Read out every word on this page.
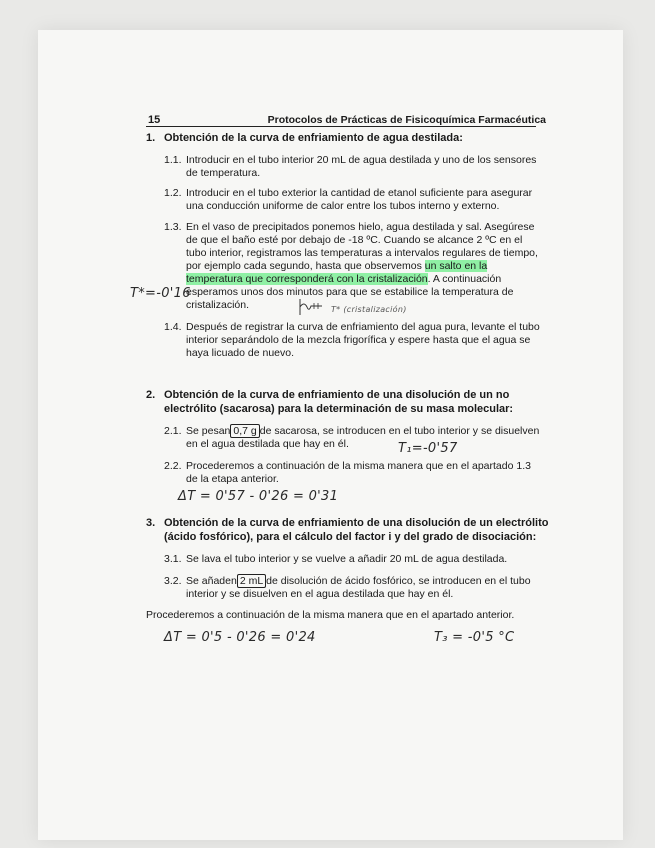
15	Protocolos de Prácticas de Fisicoquímica Farmacéutica
1. Obtención de la curva de enfriamiento de agua destilada:
1.1. Introducir en el tubo interior 20 mL de agua destilada y uno de los sensores
de temperatura.
1.2. Introducir en el tubo exterior la cantidad de etanol suficiente para asegurar
una conducción uniforme de calor entre los tubos interno y externo.
1.3. En el vaso de precipitados ponemos hielo, agua destilada y sal. Asegúrese
de que el baño esté por debajo de -18 ºC. Cuando se alcance 2 ºC en el
tubo interior, registramos las temperaturas a intervalos regulares de tiempo,
por ejemplo cada segundo, hasta que observemos un salto en la
temperatura que corresponderá con la cristalización. A continuación
esperamos unos dos minutos para que se estabilice la temperatura de
cristalización.
T*=-0'16
T* (cristalización)
1.4. Después de registrar la curva de enfriamiento del agua pura, levante el tubo
interior separándolo de la mezcla frigorífica y espere hasta que el agua se
haya licuado de nuevo.
2. Obtención de la curva de enfriamiento de una disolución de un no
electrólito (sacarosa) para la determinación de su masa molecular:
2.1. Se pesan 0,7 g de sacarosa, se introducen en el tubo interior y se disuelven
en el agua destilada que hay en él.	T₁=-0'57
2.2. Procederemos a continuación de la misma manera que en el apartado 1.3
de la etapa anterior.
ΔT = 0'57 - 0'26 = 0'31
3. Obtención de la curva de enfriamiento de una disolución de un electrólito
(ácido fosfórico), para el cálculo del factor i y del grado de disociación:
3.1. Se lava el tubo interior y se vuelve a añadir 20 mL de agua destilada.
3.2. Se añaden 2 mL de disolución de ácido fosfórico, se introducen en el tubo
interior y se disuelven en el agua destilada que hay en él.
Procederemos a continuación de la misma manera que en el apartado anterior.
ΔT = 0'5 - 0'26 = 0'24	T₃ = -0'5 °C
